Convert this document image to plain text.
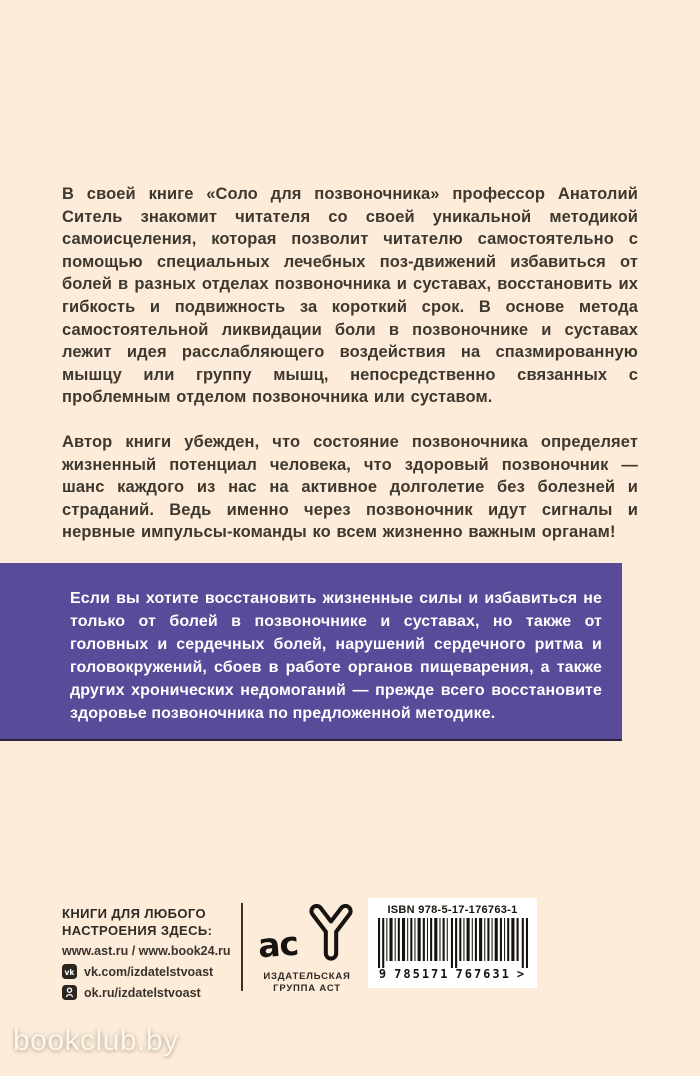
В своей книге «Соло для позвоночника» профессор Анатолий Ситель знакомит читателя со своей уникальной методикой самоисцеления, которая позволит читателю самостоятельно с помощью специальных лечебных поз-движений избавиться от болей в разных отделах позвоночника и суставах, восстановить их гибкость и подвижность за короткий срок. В основе метода самостоятельной ликвидации боли в позвоночнике и суставах лежит идея расслабляющего воздействия на спазмированную мышцу или группу мышц, непосредственно связанных с проблемным отделом позвоночника или суставом.

Автор книги убежден, что состояние позвоночника определяет жизненный потенциал человека, что здоровый позвоночник — шанс каждого из нас на активное долголетие без болезней и страданий. Ведь именно через позвоночник идут сигналы и нервные импульсы-команды ко всем жизненно важным органам!

Если вы хотите восстановить жизненные силы и избавиться не только от болей в позвоночнике и суставах, но также от головных и сердечных болей, нарушений сердечного ритма и головокружений, сбоев в работе органов пищеварения, а также других хронических недомоганий — прежде всего восстановите здоровье позвоночника по предложенной методике.

КНИГИ ДЛЯ ЛЮБОГО
НАСТРОЕНИЯ ЗДЕСЬ:
www.ast.ru / www.book24.ru
vk vk.com/izdatelstvoast
ok.ru/izdatelstvoast
ас
ИЗДАТЕЛЬСКАЯ
ГРУППА АСТ
ISBN 978-5-17-176763-1
9 785171 767631 >
bookclub.by
